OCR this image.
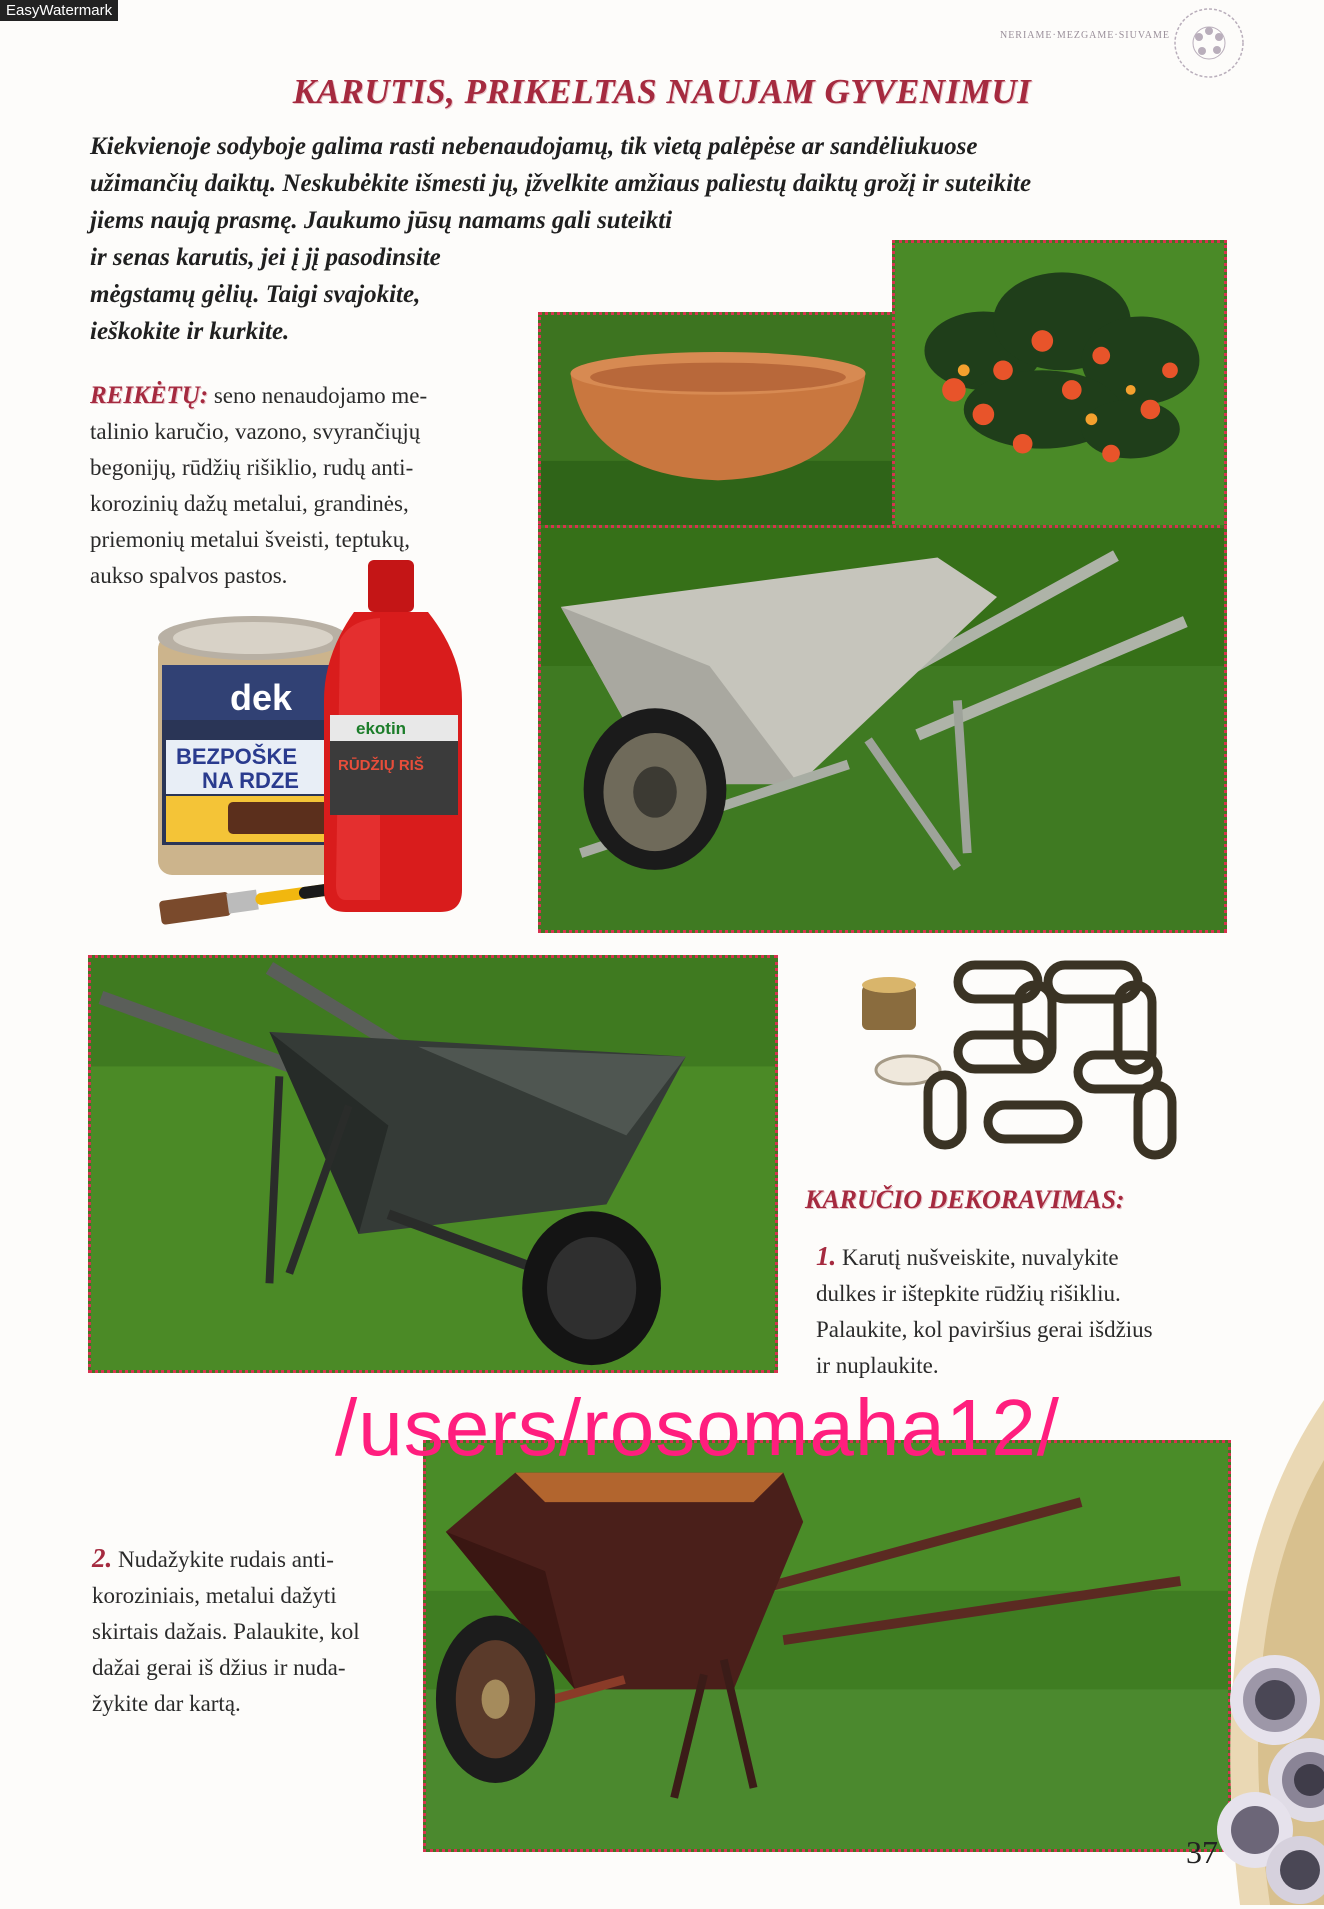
EasyWatermark
NERIAME·MEZGAME·SIUVAME
KARUTIS, PRIKELTAS NAUJAM GYVENIMUI
Kiekvienoje sodyboje galima rasti nebenaudojamų, tik vietą palėpėse ar sandėliukuose
užimančių daiktų. Neskubėkite išmesti jų, įžvelkite amžiaus paliestų daiktų grožį ir suteikite
jiems naują prasmę. Jaukumo jūsų namams gali suteikti
ir senas karutis, jei į jį pasodinsite
mėgstamų gėlių. Taigi svajokite,
ieškokite ir kurkite.
REIKĖTŲ: seno nenaudojamo me-
talinio karučio, vazono, svyrančiųjų
begonijų, rūdžių rišiklio, rudų anti-
korozinių dažų metalui, grandinės,
priemonių metalui šveisti, teptukų,
aukso spalvos pastos.
dek
BEZPOŠKE
NA RDZE
ekotin
RŪDŽIŲ RIŠ
KARUČIO DEKORAVIMAS:
1. Karutį nušveiskite, nuvalykite
dulkes ir ištepkite rūdžių rišikliu.
Palaukite, kol paviršius gerai išdžius
ir nuplaukite.
2. Nudažykite rudais anti-
koroziniais, metalui dažyti
skirtais dažais. Palaukite, kol
dažai gerai iš džius ir nuda-
žykite dar kartą.
/users/rosomaha12/
37
